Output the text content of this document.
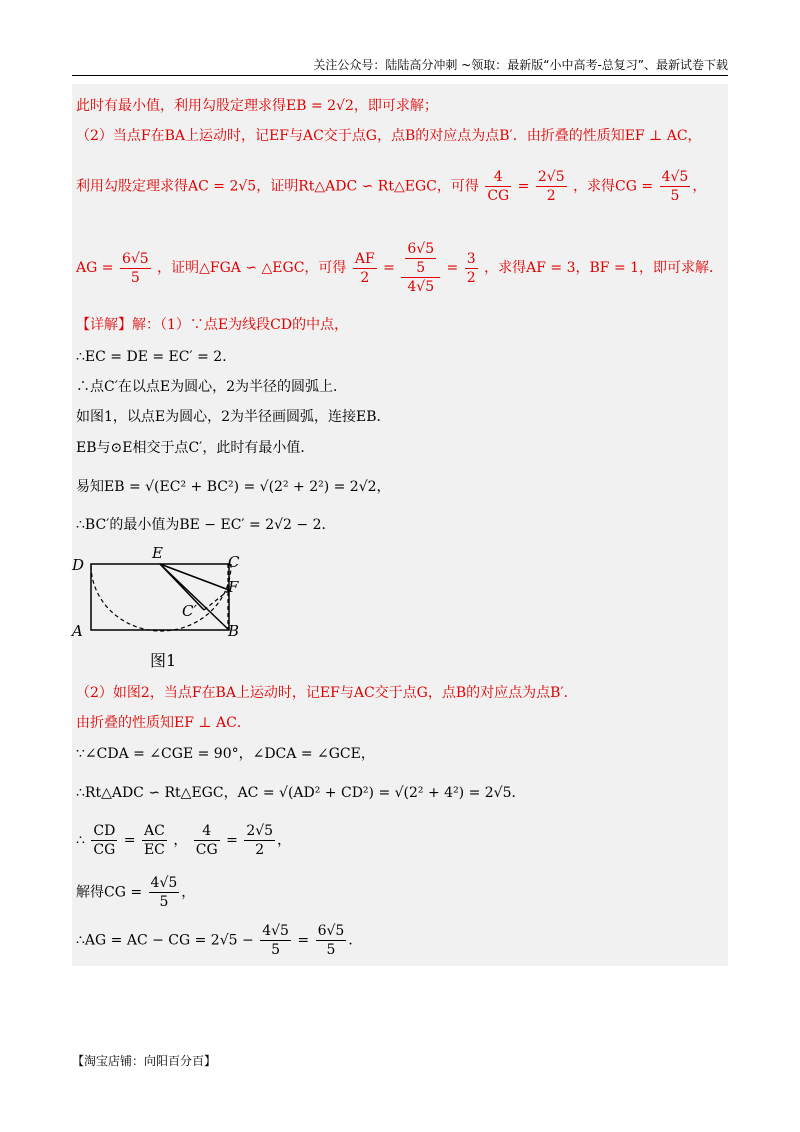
关注公众号：陆陆高分冲刺 ~领取：最新版“小中高考-总复习”、最新试卷下载
此时有最小值，利用勾股定理求得EB = 2√2，即可求解；
（2）当点F在BA上运动时，记EF与AC交于点G，点B的对应点为点B′．由折叠的性质知EF ⊥ AC，
利用勾股定理求得AC = 2√5，证明Rt△ADC ∽ Rt△EGC，可得 $\frac{4}{CG} = \frac{2√5}{2}$ ，求得CG = $\frac{4√5}{5}$ ，
AG = $\frac{6√5}{5}$ ，证明△FGA ∽ △EGC，可得 $\frac{AF}{2} = \frac{\frac{6√5}{5}}{4√5} = \frac{3}{2}$ ，求得AF = 3，BF = 1，即可求解．
【详解】解：（1）∵点E为线段CD的中点，
∴EC = DE = EC′ = 2．
∴点C′在以点E为圆心，2为半径的圆弧上．
如图1，以点E为圆心，2为半径画圆弧，连接EB．
EB与⊙E相交于点C′，此时有最小值．
易知EB = √(EC² + BC²) = √(2² + 2²) = 2√2，
∴BC′的最小值为BE − EC′ = 2√2 − 2．
D
E	C
F
C′
A	B
图1
（2）如图2，当点F在BA上运动时，记EF与AC交于点G，点B的对应点为点B′．
由折叠的性质知EF ⊥ AC．
∵∠CDA = ∠CGE = 90°，∠DCA = ∠GCE，
∴Rt△ADC ∽ Rt△EGC，AC = √(AD² + CD²) = √(2² + 4²) = 2√5．
∴ $\frac{CD}{CG} = \frac{AC}{EC}$ ， $\frac{4}{CG} = \frac{2√5}{2}$ ，
解得CG = $\frac{4√5}{5}$ ，
∴AG = AC − CG = $2√5 - \frac{4√5}{5} = \frac{6√5}{5}$ ．
【淘宝店铺：向阳百分百】
